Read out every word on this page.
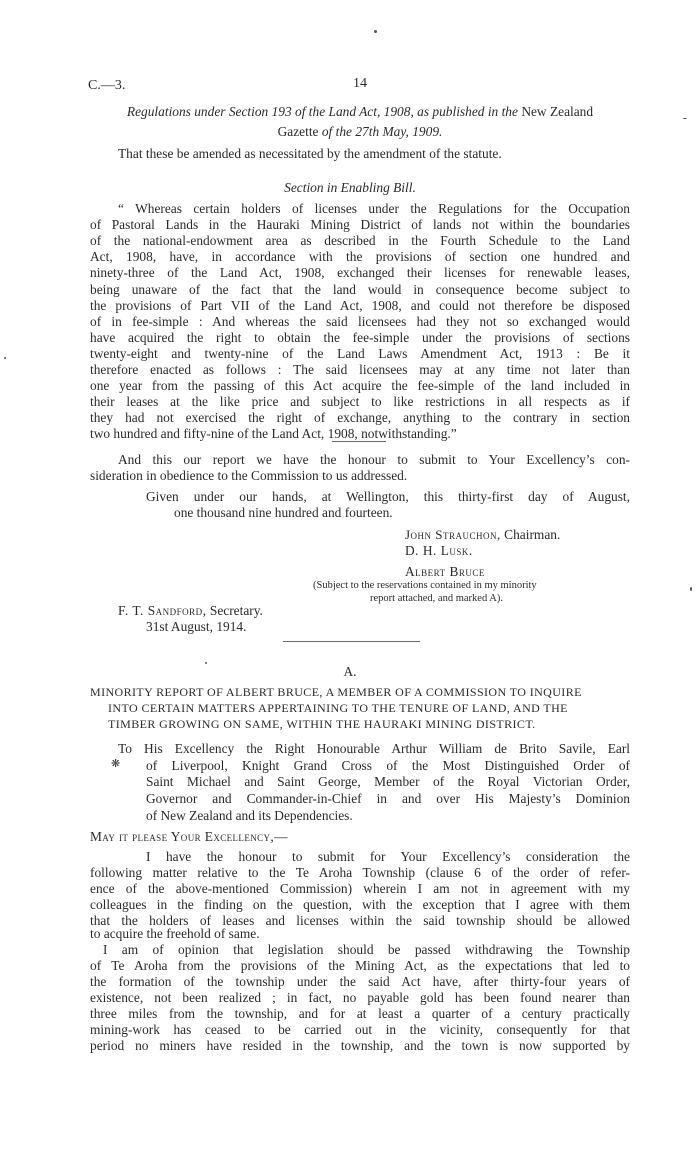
C.—3.	14
Regulations under Section 193 of the Land Act, 1908, as published in the New Zealand
Gazette of the 27th May, 1909.
That these be amended as necessitated by the amendment of the statute.
Section in Enabling Bill.
“ Whereas certain holders of licenses under the Regulations for the Occupation
of Pastoral Lands in the Hauraki Mining District of lands not within the boundaries
of the national-endowment area as described in the Fourth Schedule to the Land
Act, 1908, have, in accordance with the provisions of section one hundred and
ninety-three of the Land Act, 1908, exchanged their licenses for renewable leases,
being unaware of the fact that the land would in consequence become subject to
the provisions of Part VII of the Land Act, 1908, and could not therefore be disposed
of in fee-simple : And whereas the said licensees had they not so exchanged would
have acquired the right to obtain the fee-simple under the provisions of sections
twenty-eight and twenty-nine of the Land Laws Amendment Act, 1913 : Be it
therefore enacted as follows : The said licensees may at any time not later than
one year from the passing of this Act acquire the fee-simple of the land included in
their leases at the like price and subject to like restrictions in all respects as if
they had not exercised the right of exchange, anything to the contrary in section
two hundred and fifty-nine of the Land Act, 1908, notwithstanding.”
And this our report we have the honour to submit to Your Excellency’s con-
sideration in obedience to the Commission to us addressed.
Given under our hands, at Wellington, this thirty-first day of August,
one thousand nine hundred and fourteen.
John Strauchon, Chairman.
D. H. Lusk.
Albert Bruce
(Subject to the reservations contained in my minority
report attached, and marked A).
F. T. Sandford, Secretary.
31st August, 1914.
A.
MINORITY REPORT OF ALBERT BRUCE, A MEMBER OF A COMMISSION TO INQUIRE
INTO CERTAIN MATTERS APPERTAINING TO THE TENURE OF LAND, AND THE
TIMBER GROWING ON SAME, WITHIN THE HAURAKI MINING DISTRICT.
To His Excellency the Right Honourable Arthur William de Brito Savile, Earl
of Liverpool, Knight Grand Cross of the Most Distinguished Order of
Saint Michael and Saint George, Member of the Royal Victorian Order,
Governor and Commander-in-Chief in and over His Majesty’s Dominion
of New Zealand and its Dependencies.
❋
May it please Your Excellency,—
I have the honour to submit for Your Excellency’s consideration the
following matter relative to the Te Aroha Township (clause 6 of the order of refer-
ence of the above-mentioned Commission) wherein I am not in agreement with my
colleagues in the finding on the question, with the exception that I agree with them
that the holders of leases and licenses within the said township should be allowed
to acquire the freehold of same.
I am of opinion that legislation should be passed withdrawing the Township
of Te Aroha from the provisions of the Mining Act, as the expectations that led to
the formation of the township under the said Act have, after thirty-four years of
existence, not been realized ; in fact, no payable gold has been found nearer than
three miles from the township, and for at least a quarter of a century practically
mining-work has ceased to be carried out in the vicinity, consequently for that
period no miners have resided in the township, and the town is now supported by
